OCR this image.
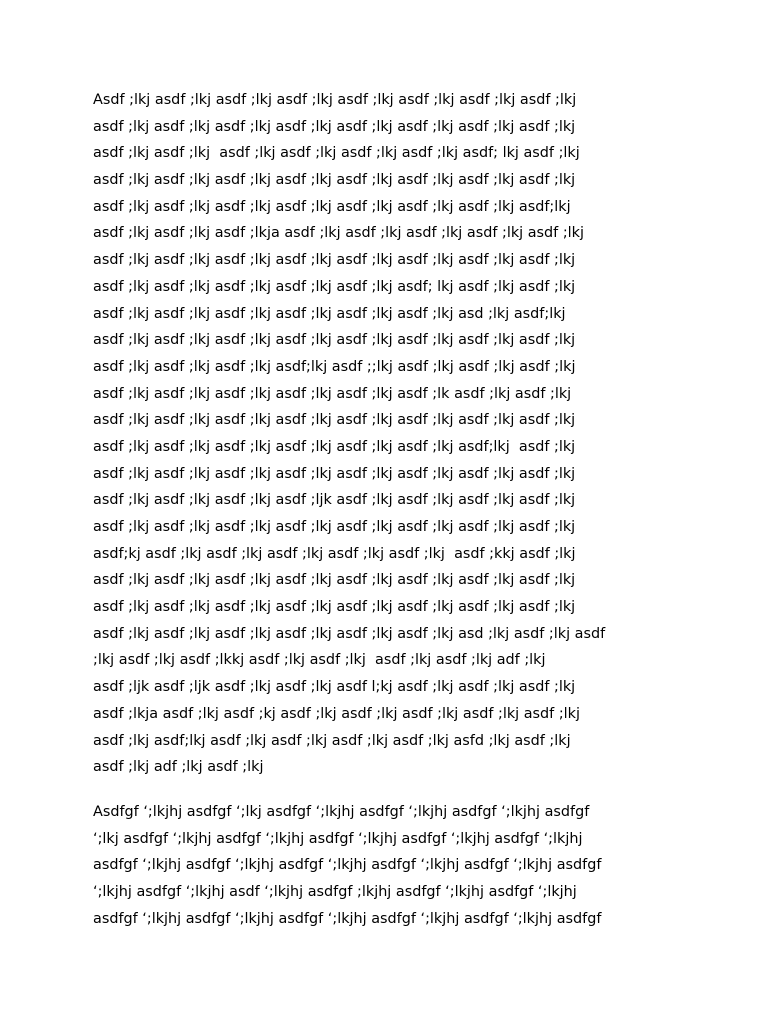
Asdf ;lkj asdf ;lkj asdf ;lkj asdf ;lkj asdf ;lkj asdf ;lkj asdf ;lkj asdf ;lkj
asdf ;lkj asdf ;lkj asdf ;lkj asdf ;lkj asdf ;lkj asdf ;lkj asdf ;lkj asdf ;lkj
asdf ;lkj asdf ;lkj  asdf ;lkj asdf ;lkj asdf ;lkj asdf ;lkj asdf; lkj asdf ;lkj
asdf ;lkj asdf ;lkj asdf ;lkj asdf ;lkj asdf ;lkj asdf ;lkj asdf ;lkj asdf ;lkj
asdf ;lkj asdf ;lkj asdf ;lkj asdf ;lkj asdf ;lkj asdf ;lkj asdf ;lkj asdf;lkj
asdf ;lkj asdf ;lkj asdf ;lkja asdf ;lkj asdf ;lkj asdf ;lkj asdf ;lkj asdf ;lkj
asdf ;lkj asdf ;lkj asdf ;lkj asdf ;lkj asdf ;lkj asdf ;lkj asdf ;lkj asdf ;lkj
asdf ;lkj asdf ;lkj asdf ;lkj asdf ;lkj asdf ;lkj asdf; lkj asdf ;lkj asdf ;lkj
asdf ;lkj asdf ;lkj asdf ;lkj asdf ;lkj asdf ;lkj asdf ;lkj asd ;lkj asdf;lkj
asdf ;lkj asdf ;lkj asdf ;lkj asdf ;lkj asdf ;lkj asdf ;lkj asdf ;lkj asdf ;lkj
asdf ;lkj asdf ;lkj asdf ;lkj asdf;lkj asdf ;;lkj asdf ;lkj asdf ;lkj asdf ;lkj
asdf ;lkj asdf ;lkj asdf ;lkj asdf ;lkj asdf ;lkj asdf ;lk asdf ;lkj asdf ;lkj
asdf ;lkj asdf ;lkj asdf ;lkj asdf ;lkj asdf ;lkj asdf ;lkj asdf ;lkj asdf ;lkj
asdf ;lkj asdf ;lkj asdf ;lkj asdf ;lkj asdf ;lkj asdf ;lkj asdf;lkj  asdf ;lkj
asdf ;lkj asdf ;lkj asdf ;lkj asdf ;lkj asdf ;lkj asdf ;lkj asdf ;lkj asdf ;lkj
asdf ;lkj asdf ;lkj asdf ;lkj asdf ;ljk asdf ;lkj asdf ;lkj asdf ;lkj asdf ;lkj
asdf ;lkj asdf ;lkj asdf ;lkj asdf ;lkj asdf ;lkj asdf ;lkj asdf ;lkj asdf ;lkj
asdf;kj asdf ;lkj asdf ;lkj asdf ;lkj asdf ;lkj asdf ;lkj  asdf ;kkj asdf ;lkj
asdf ;lkj asdf ;lkj asdf ;lkj asdf ;lkj asdf ;lkj asdf ;lkj asdf ;lkj asdf ;lkj
asdf ;lkj asdf ;lkj asdf ;lkj asdf ;lkj asdf ;lkj asdf ;lkj asdf ;lkj asdf ;lkj
asdf ;lkj asdf ;lkj asdf ;lkj asdf ;lkj asdf ;lkj asdf ;lkj asd ;lkj asdf ;lkj asdf
;lkj asdf ;lkj asdf ;lkkj asdf ;lkj asdf ;lkj  asdf ;lkj asdf ;lkj adf ;lkj
asdf ;ljk asdf ;ljk asdf ;lkj asdf ;lkj asdf l;kj asdf ;lkj asdf ;lkj asdf ;lkj
asdf ;lkja asdf ;lkj asdf ;kj asdf ;lkj asdf ;lkj asdf ;lkj asdf ;lkj asdf ;lkj
asdf ;lkj asdf;lkj asdf ;lkj asdf ;lkj asdf ;lkj asdf ;lkj asfd ;lkj asdf ;lkj
asdf ;lkj adf ;lkj asdf ;lkj
Asdfgf ‘;lkjhj asdfgf ‘;lkj asdfgf ‘;lkjhj asdfgf ‘;lkjhj asdfgf ‘;lkjhj asdfgf
‘;lkj asdfgf ‘;lkjhj asdfgf ‘;lkjhj asdfgf ‘;lkjhj asdfgf ‘;lkjhj asdfgf ‘;lkjhj
asdfgf ‘;lkjhj asdfgf ‘;lkjhj asdfgf ‘;lkjhj asdfgf ‘;lkjhj asdfgf ‘;lkjhj asdfgf
‘;lkjhj asdfgf ‘;lkjhj asdf ‘;lkjhj asdfgf ;lkjhj asdfgf ‘;lkjhj asdfgf ‘;lkjhj
asdfgf ‘;lkjhj asdfgf ‘;lkjhj asdfgf ‘;lkjhj asdfgf ‘;lkjhj asdfgf ‘;lkjhj asdfgf
